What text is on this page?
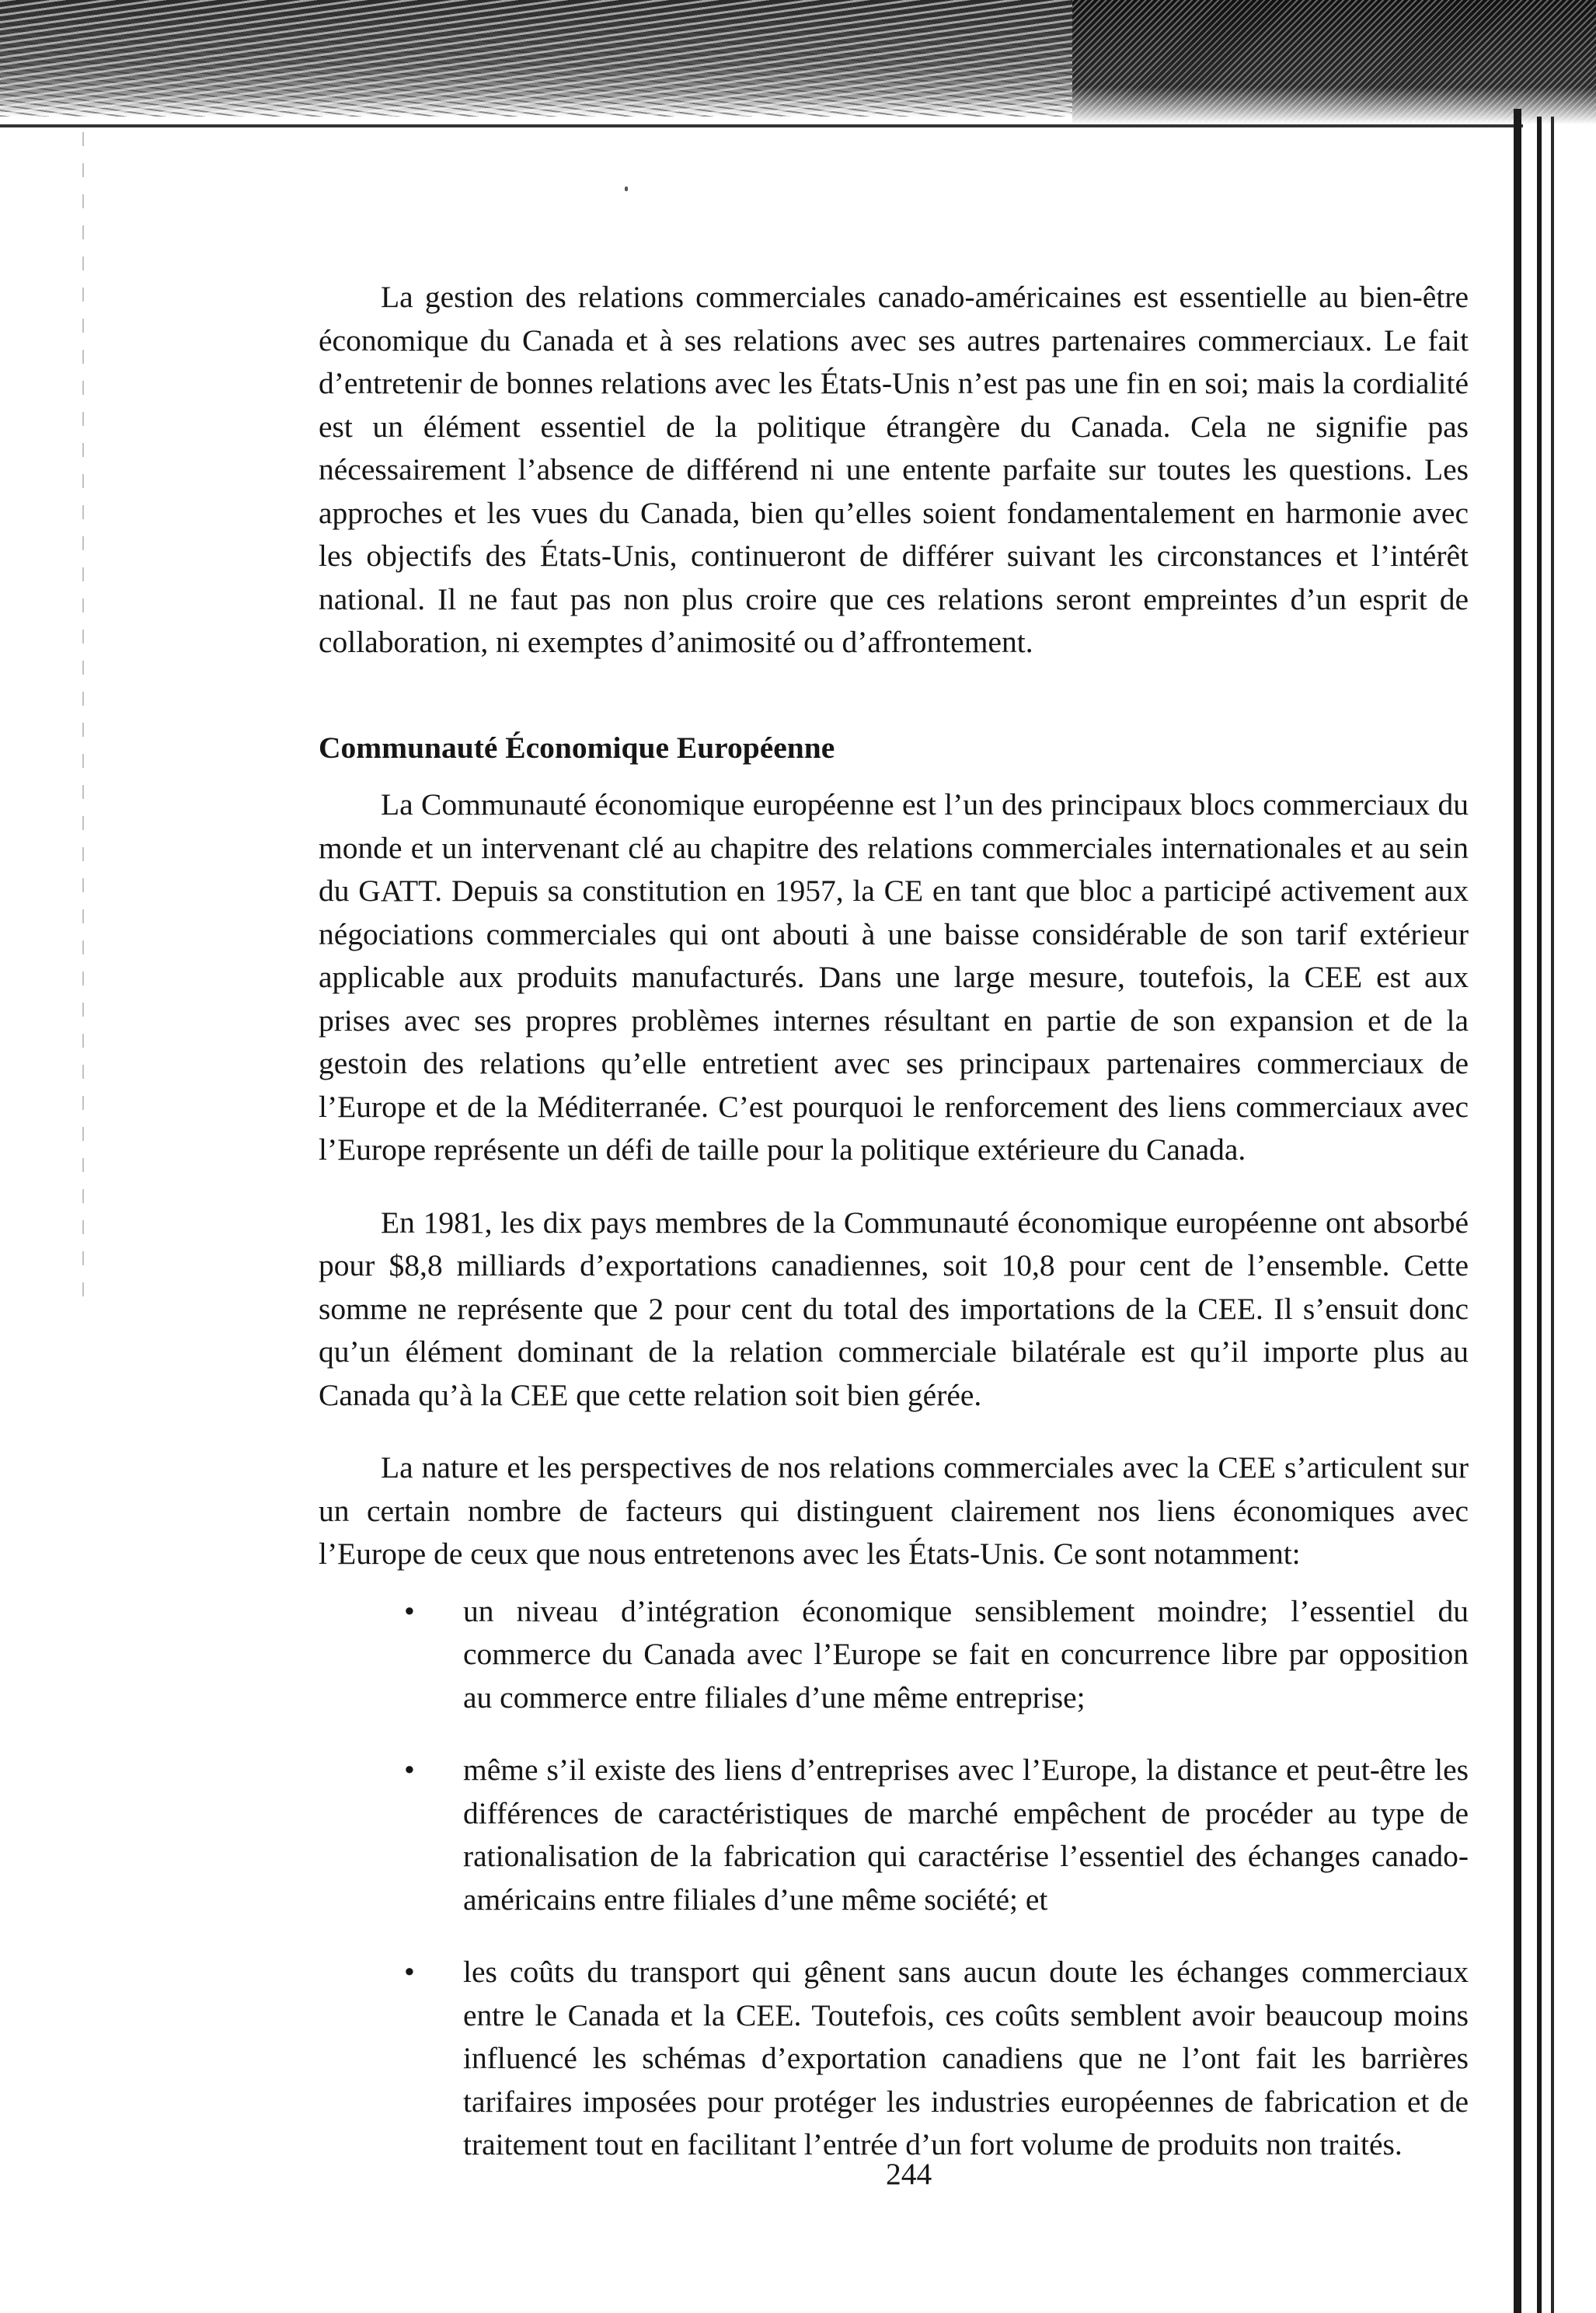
La gestion des relations commerciales canado-américaines est essentielle au bien-être économique du Canada et à ses relations avec ses autres partenaires commerciaux. Le fait d’entretenir de bonnes relations avec les États-Unis n’est pas une fin en soi; mais la cordialité est un élément essentiel de la politique étrangère du Canada. Cela ne signifie pas nécessairement l’absence de différend ni une entente parfaite sur toutes les questions. Les approches et les vues du Canada, bien qu’elles soient fondamentalement en harmonie avec les objectifs des États-Unis, continueront de différer suivant les circonstances et l’intérêt national. Il ne faut pas non plus croire que ces relations seront empreintes d’un esprit de collaboration, ni exemptes d’animosité ou d’affrontement.

Communauté Économique Européenne

La Communauté économique européenne est l’un des principaux blocs commerciaux du monde et un intervenant clé au chapitre des relations commerciales internationales et au sein du GATT. Depuis sa constitution en 1957, la CE en tant que bloc a participé activement aux négociations commerciales qui ont abouti à une baisse considérable de son tarif extérieur applicable aux produits manufacturés. Dans une large mesure, toutefois, la CEE est aux prises avec ses propres problèmes internes résultant en partie de son expansion et de la gestoin des relations qu’elle entretient avec ses principaux partenaires commerciaux de l’Europe et de la Méditerranée. C’est pourquoi le renforcement des liens commerciaux avec l’Europe représente un défi de taille pour la politique extérieure du Canada.

En 1981, les dix pays membres de la Communauté économique européenne ont absorbé pour $8,8 milliards d’exportations canadiennes, soit 10,8 pour cent de l’ensemble. Cette somme ne représente que 2 pour cent du total des importations de la CEE. Il s’ensuit donc qu’un élément dominant de la relation commerciale bilatérale est qu’il importe plus au Canada qu’à la CEE que cette relation soit bien gérée.

La nature et les perspectives de nos relations commerciales avec la CEE s’articulent sur un certain nombre de facteurs qui distinguent clairement nos liens économiques avec l’Europe de ceux que nous entretenons avec les États-Unis. Ce sont notamment:

• un niveau d’intégration économique sensiblement moindre; l’essentiel du commerce du Canada avec l’Europe se fait en concurrence libre par opposition au commerce entre filiales d’une même entreprise;
• même s’il existe des liens d’entreprises avec l’Europe, la distance et peut-être les différences de caractéristiques de marché empêchent de procéder au type de rationalisation de la fabrication qui caractérise l’essentiel des échanges canado-américains entre filiales d’une même société; et
• les coûts du transport qui gênent sans aucun doute les échanges commerciaux entre le Canada et la CEE. Toutefois, ces coûts semblent avoir beaucoup moins influencé les schémas d’exportation canadiens que ne l’ont fait les barrières tarifaires imposées pour protéger les industries européennes de fabrication et de traitement tout en facilitant l’entrée d’un fort volume de produits non traités.
244
